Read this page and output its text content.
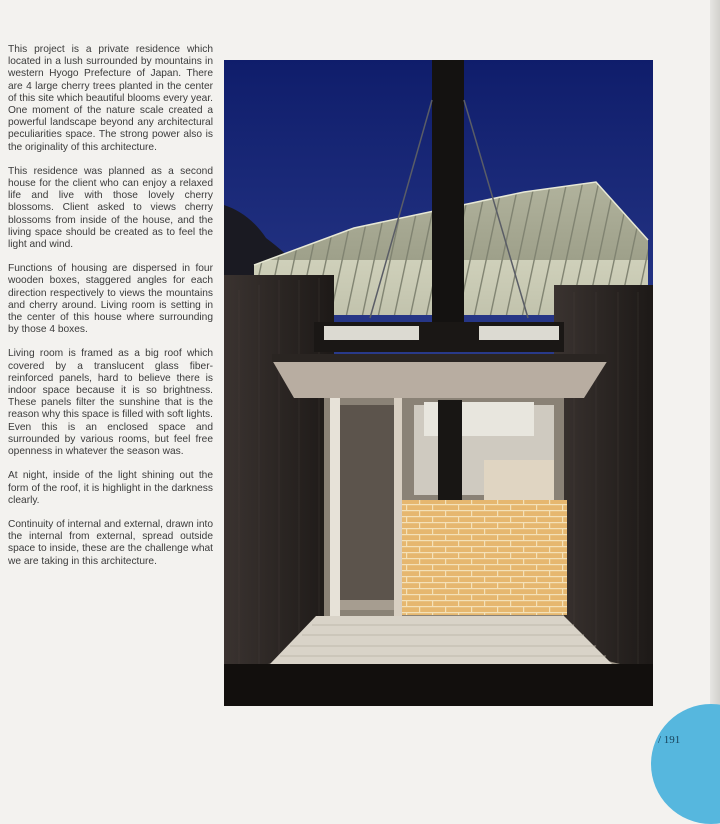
This project is a private residence which located in a lush surrounded by mountains in western Hyogo Prefecture of Japan. There are 4 large cherry trees planted in the center of this site which beautiful blooms every year. One moment of the nature scale created a powerful landscape beyond any architectural peculiarities space. The strong power also is the originality of this architecture.

This residence was planned as a second house for the client who can enjoy a relaxed life and live with those lovely cherry blossoms. Client asked to views cherry blossoms from inside of the house, and the living space should be created as to feel the light and wind.

Functions of housing are dispersed in four wooden boxes, staggered angles for each direction respectively to views the mountains and cherry around. Living room is setting in the center of this house where surrounding by those 4 boxes.

Living room is framed as a big roof which covered by a translucent glass fiber-reinforced panels, hard to believe there is indoor space because it is so brightness. These panels filter the sunshine that is the reason why this space is filled with soft lights. Even this is an enclosed space and surrounded by various rooms, but feel free openness in whatever the season was.

At night, inside of the light shining out the form of the roof, it is highlight in the darkness clearly.

Continuity of internal and external, drawn into the internal from external, spread outside space to inside, these are the challenge what we are taking in this architecture.

/ 191
